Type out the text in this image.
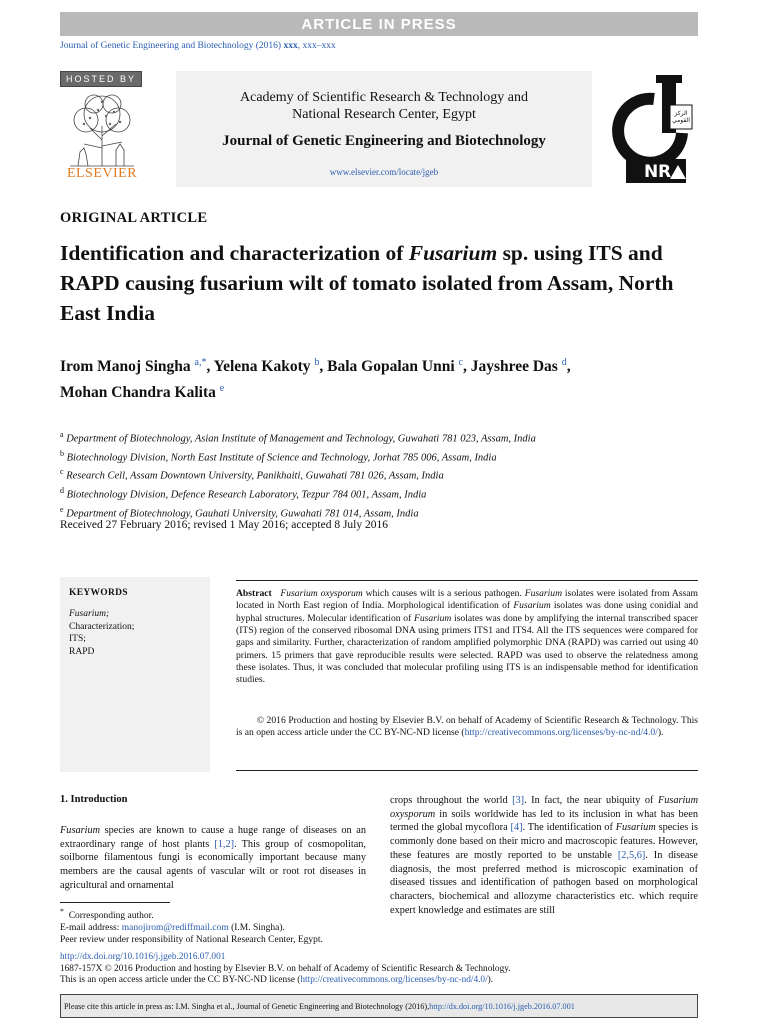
ARTICLE IN PRESS
Journal of Genetic Engineering and Biotechnology (2016) xxx, xxx–xxx
HOSTED BY
ELSEVIER
Academy of Scientific Research & Technology and
National Research Center, Egypt
Journal of Genetic Engineering and Biotechnology
www.elsevier.com/locate/jgeb
ﺍﻟﺮﻛﺰ
ﺍﻟﻘﻮﻣﻲ
N R
ORIGINAL ARTICLE
Identification and characterization of Fusarium sp. using ITS and RAPD causing fusarium wilt of tomato isolated from Assam, North East India
Irom Manoj Singha $^{a,*}$, Yelena Kakoty $^b$, Bala Gopalan Unni $^c$, Jayshree Das $^d$,
Mohan Chandra Kalita $^e$
$^a$ Department of Biotechnology, Asian Institute of Management and Technology, Guwahati 781 023, Assam, India
$^b$ Biotechnology Division, North East Institute of Science and Technology, Jorhat 785 006, Assam, India
$^c$ Research Cell, Assam Downtown University, Panikhaiti, Guwahati 781 026, Assam, India
$^d$ Biotechnology Division, Defence Research Laboratory, Tezpur 784 001, Assam, India
$^e$ Department of Biotechnology, Gauhati University, Guwahati 781 014, Assam, India
Received 27 February 2016; revised 1 May 2016; accepted 8 July 2016
KEYWORDS
Fusarium;
Characterization;
ITS;
RAPD
Abstract Fusarium oxysporum which causes wilt is a serious pathogen. Fusarium isolates were isolated from Assam located in North East region of India. Morphological identification of Fusarium isolates was done using conidial and hyphal structures. Molecular identification of Fusarium isolates was done by amplifying the internal transcribed spacer (ITS) region of the conserved ribosomal DNA using primers ITS1 and ITS4. All the ITS sequences were compared for gaps and similarity. Further, characterization of random amplified polymorphic DNA (RAPD) was carried out using 40 primers. 15 primers that gave reproducible results were selected. RAPD was used to observe the relatedness among these isolates. Thus, it was concluded that molecular profiling using ITS is an indispensable method for identification studies.
© 2016 Production and hosting by Elsevier B.V. on behalf of Academy of Scientific Research & Technology. This is an open access article under the CC BY-NC-ND license (http://creativecommons.org/licenses/by-nc-nd/4.0/).
1. Introduction
Fusarium species are known to cause a huge range of diseases on an extraordinary range of host plants [1,2]. This group of cosmopolitan, soilborne filamentous fungi is economically important because many members are the causal agents of vascular wilt or root rot diseases in agricultural and ornamental
crops throughout the world [3]. In fact, the near ubiquity of Fusarium oxysporum in soils worldwide has led to its inclusion in what has been termed the global mycoflora [4]. The identification of Fusarium species is commonly done based on their micro and macroscopic features. However, these features are mostly reported to be unstable [2,5,6]. In disease diagnosis, the most preferred method is microscopic examination of diseased tissues and identification of pathogen based on morphological characters, biochemical and allozyme characteristics etc. which require expert knowledge and estimates are still
* Corresponding author.
E-mail address: manojirom@rediffmail.com (I.M. Singha).
Peer review under responsibility of National Research Center, Egypt.
http://dx.doi.org/10.1016/j.jgeb.2016.07.001
1687-157X © 2016 Production and hosting by Elsevier B.V. on behalf of Academy of Scientific Research & Technology.
This is an open access article under the CC BY-NC-ND license (http://creativecommons.org/licenses/by-nc-nd/4.0/).
Please cite this article in press as: I.M. Singha et al., Journal of Genetic Engineering and Biotechnology (2016), http://dx.doi.org/10.1016/j.jgeb.2016.07.001
